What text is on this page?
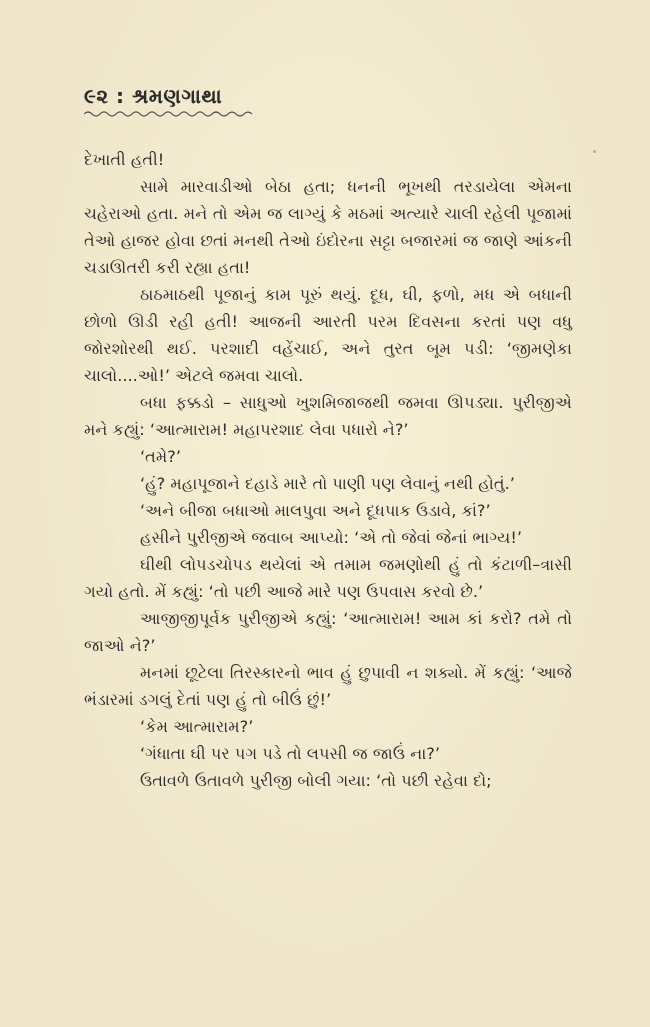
૯૨ : શ્રમણગાથા

દેખાતી હતી!

સામે મારવાડીઓ બેઠા હતા; ધનની ભૂખથી તરડાયેલા એમના ચહેરાઓ હતા. મને તો એમ જ લાગ્યું કે મઠમાં અત્યારે ચાલી રહેલી પૂજામાં તેઓ હાજર હોવા છતાં મનથી તેઓ ઇંદોરના સટ્ટા બજારમાં જ જાણે આંકની ચડાઊતરી કરી રહ્યા હતા!

ઠાઠમાઠથી પૂજાનું કામ પૂરું થયું. દૂધ, ઘી, ફળો, મધ એ બધાની છોળો ઊડી રહી હતી! આજની આરતી પરમ દિવસના કરતાં પણ વધુ જોરશોરથી થઈ. પરશાદી વહેંચાઈ, અને તુરત બૂમ પડી: ‘જીમણેકા ચાલો....ઓ!’ એટલે જમવા ચાલો.

બધા ફક્કડો – સાધુઓ ખુશમિજાજથી જમવા ઊપડ્યા. પુરીજીએ મને કહ્યું: ‘આત્મારામ! મહાપરશાદ લેવા પધારો ને?’

‘તમે?’

‘હું? મહાપૂજાને દહાડે મારે તો પાણી પણ લેવાનું નથી હોતું.’

‘અને બીજા બધાઓ માલપુવા અને દૂધપાક ઉડાવે, કાં?’

હસીને પુરીજીએ જવાબ આપ્યો: ‘એ તો જેવાં જેનાં ભાગ્ય!’

ઘીથી લોપડચોપડ થયેલાં એ તમામ જમણોથી હું તો કંટાળી–ત્રાસી ગયો હતો. મેં કહ્યું: ‘તો પછી આજે મારે પણ ઉપવાસ કરવો છે.’

આજીજીપૂર્વક પુરીજીએ કહ્યું: ‘આત્મારામ! આમ કાં કરો? તમે તો જાઓ ને?’

મનમાં છૂટેલા તિરસ્કારનો ભાવ હું છુપાવી ન શક્યો. મેં કહ્યું: ‘આજે ભંડારમાં ડગલું દેતાં પણ હું તો બીઉં છું!’

‘કેમ આત્મારામ?’

‘ગંધાતા ઘી પર પગ પડે તો લપસી જ જાઉં ના?’

ઉતાવળે ઉતાવળે પુરીજી બોલી ગયા: ‘તો પછી રહેવા દો;
